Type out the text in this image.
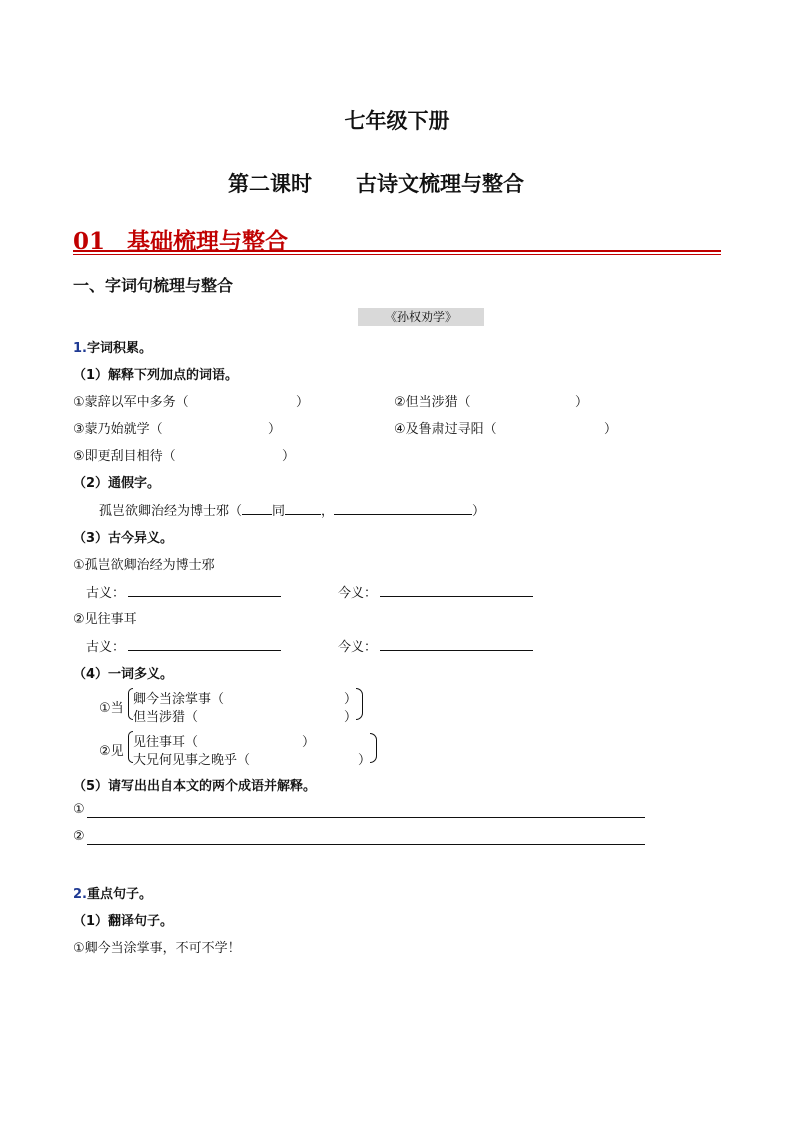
七年级下册
第二课时 古诗文梳理与整合
01 基础梳理与整合
一、字词句梳理与整合
《孙权劝学》
1.字词积累。
（1）解释下列加点的词语。
①蒙辞以军中多务（	）	②但当涉猎（	）
③蒙乃始就学（	）	④及鲁肃过寻阳（	）
⑤即更刮目相待（	）
（2）通假字。
孤岂欲卿治经为博士邪（ 同	，	）
（3）古今异义。
①孤岂欲卿治经为博士邪
古义：	今义：
②见往事耳
古义：	今义：
（4）一词多义。
①当
卿今当涂掌事（	）
但当涉猎（	）
②见
见往事耳（	）
大兄何见事之晚乎（	）
（5）请写出出自本文的两个成语并解释。
①
②
2.重点句子。
（1）翻译句子。
①卿今当涂掌事，不可不学！
